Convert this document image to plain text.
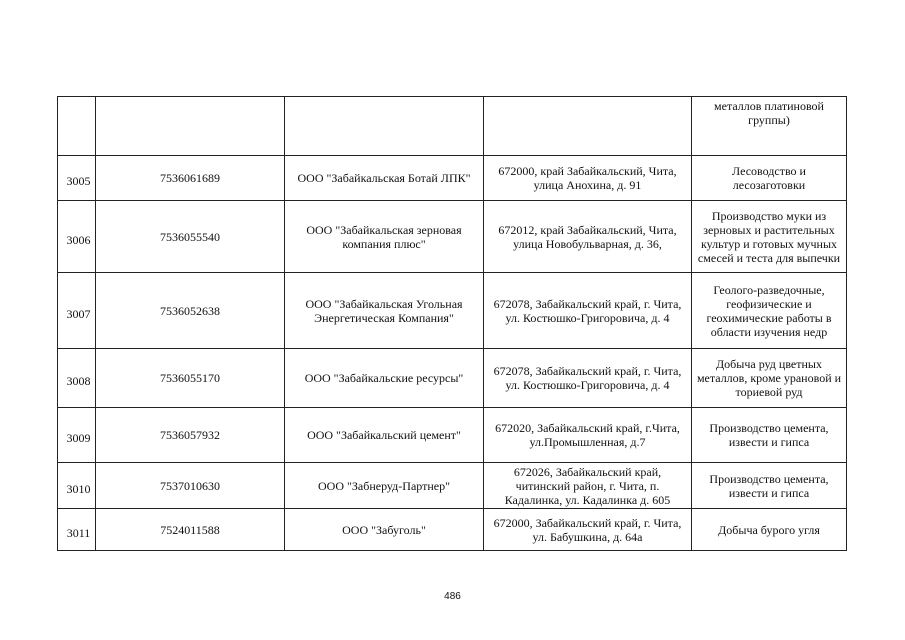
				металлов платиновой группы)
3005	7536061689	ООО "Забайкальская Ботай ЛПК"	672000, край Забайкальский, Чита, улица Анохина, д. 91	Лесоводство и лесозаготовки
3006	7536055540	ООО "Забайкальская зерновая компания плюс"	672012, край Забайкальский, Чита, улица Новобульварная, д. 36,	Производство муки из зерновых и растительных культур и готовых мучных смесей и теста для выпечки
3007	7536052638	ООО "Забайкальская Угольная Энергетическая Компания"	672078, Забайкальский край, г. Чита, ул. Костюшко-Григоровича, д. 4	Геолого-разведочные, геофизические и геохимические работы в области изучения недр
3008	7536055170	ООО "Забайкальские ресурсы"	672078, Забайкальский край, г. Чита, ул. Костюшко-Григоровича, д. 4	Добыча руд цветных металлов, кроме урановой и ториевой руд
3009	7536057932	ООО "Забайкальский цемент"	672020, Забайкальский край, г.Чита, ул.Промышленная, д.7	Производство цемента, извести и гипса
3010	7537010630	ООО "Забнеруд-Партнер"	672026, Забайкальский край, читинский район, г. Чита, п. Кадалинка, ул. Кадалинка д. 605	Производство цемента, извести и гипса
3011	7524011588	ООО "Забуголь"	672000, Забайкальский край, г. Чита, ул. Бабушкина, д. 64а	Добыча бурого угля
486
